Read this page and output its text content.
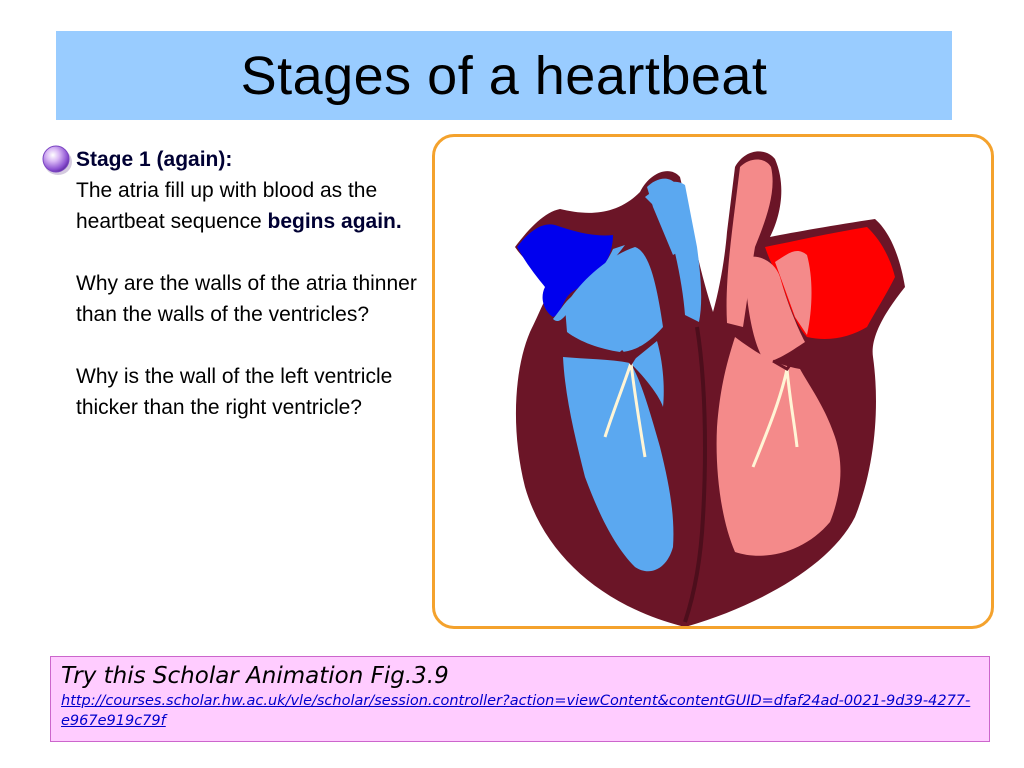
Stages of a heartbeat

Stage 1 (again):

The atria fill up with blood as the heartbeat sequence begins again.

Why are the walls of the atria thinner than the walls of the ventricles?

Why is the wall of the left ventricle thicker than the right ventricle?

Try this Scholar Animation Fig.3.9
http://courses.scholar.hw.ac.uk/vle/scholar/session.controller?action=viewContent&contentGUID=dfaf24ad-0021-9d39-4277-e967e919c79f
